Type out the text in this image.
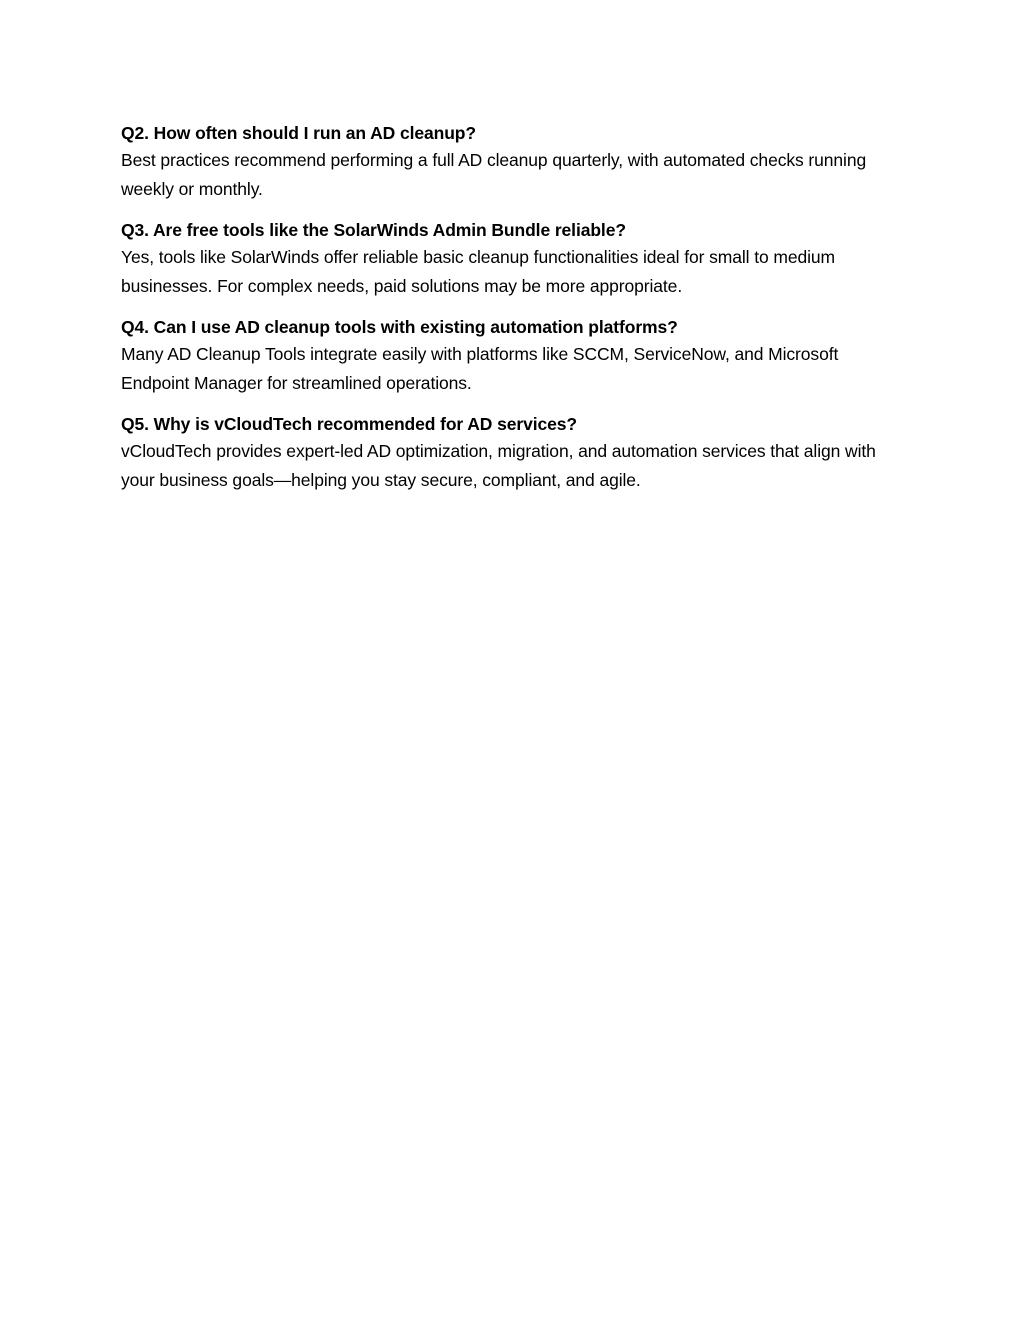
Q2. How often should I run an AD cleanup?

Best practices recommend performing a full AD cleanup quarterly, with automated checks running weekly or monthly.

Q3. Are free tools like the SolarWinds Admin Bundle reliable?

Yes, tools like SolarWinds offer reliable basic cleanup functionalities ideal for small to medium businesses. For complex needs, paid solutions may be more appropriate.

Q4. Can I use AD cleanup tools with existing automation platforms?

Many AD Cleanup Tools integrate easily with platforms like SCCM, ServiceNow, and Microsoft Endpoint Manager for streamlined operations.

Q5. Why is vCloudTech recommended for AD services?

vCloudTech provides expert-led AD optimization, migration, and automation services that align with your business goals—helping you stay secure, compliant, and agile.
